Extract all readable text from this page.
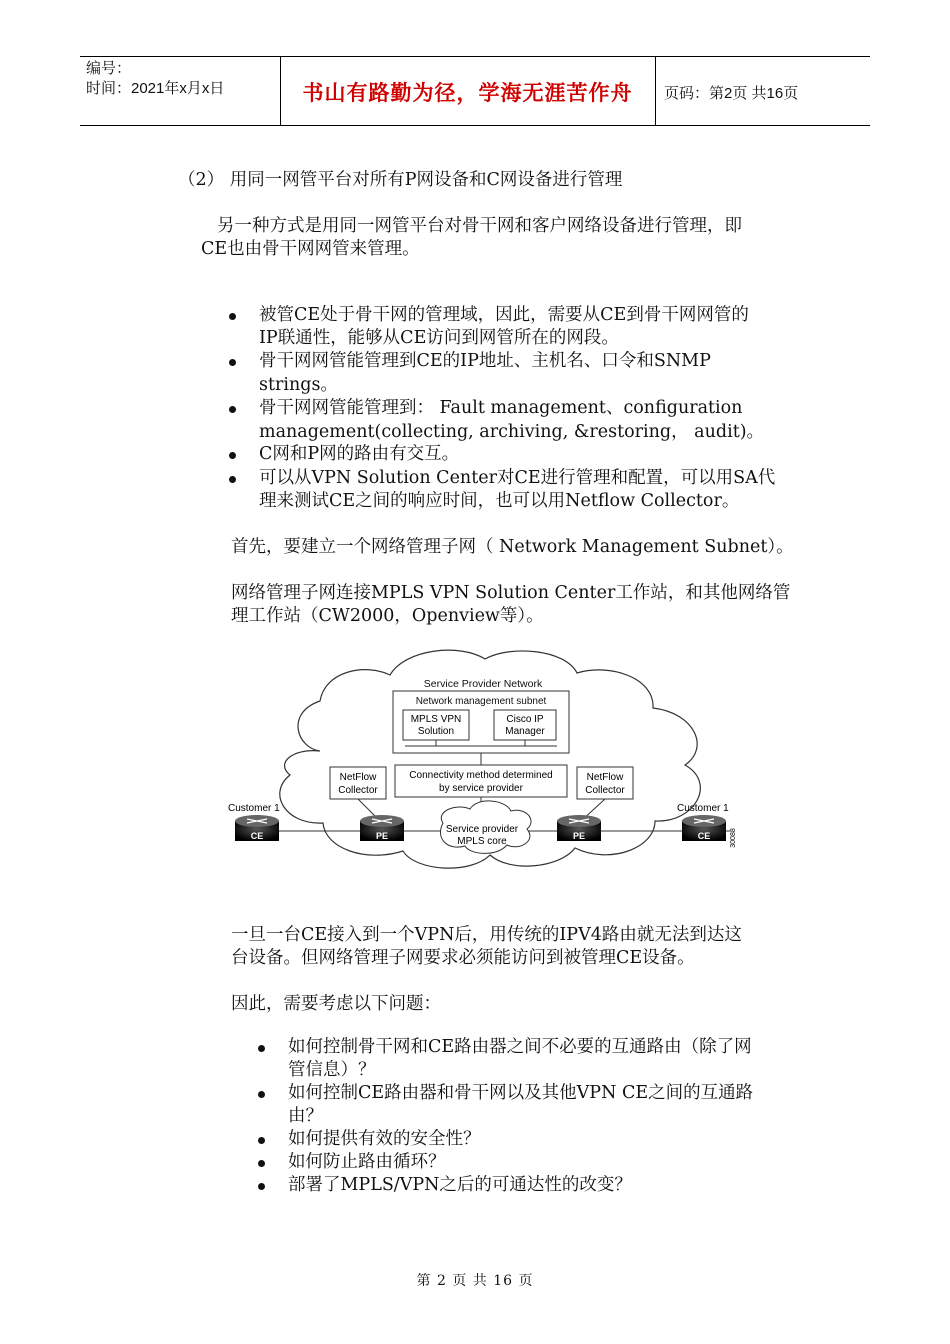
编号：
时间：2021年x月x日	书山有路勤为径，学海无涯苦作舟	页码：第2页 共16页
（2） 用同一网管平台对所有P网设备和C网设备进行管理
另一种方式是用同一网管平台对骨干网和客户网络设备进行管理，即
CE也由骨干网网管来管理。
被管CE处于骨干网的管理域，因此，需要从CE到骨干网网管的
IP联通性，能够从CE访问到网管所在的网段。
骨干网网管能管理到CE的IP地址、主机名、口令和SNMP
strings。
骨干网网管能管理到： Fault management、configuration
management(collecting, archiving, &restoring， audit)。
C网和P网的路由有交互。
可以从VPN Solution Center对CE进行管理和配置，可以用SA代
理来测试CE之间的响应时间，也可以用Netflow Collector。
首先，要建立一个网络管理子网（ Network Management Subnet）。
网络管理子网连接MPLS VPN Solution Center工作站，和其他网络管
理工作站（CW2000，Openview等）。
Service Provider Network
Network management subnet
MPLS VPN
Solution
Cisco IP
Manager
Connectivity method determined
by service provider
NetFlow
Collector
NetFlow
Collector
Service provider
MPLS core
Customer 1	Customer 1
30088
CE	PE	PE	CE
一旦一台CE接入到一个VPN后，用传统的IPV4路由就无法到达这
台设备。但网络管理子网要求必须能访问到被管理CE设备。
因此，需要考虑以下问题：
如何控制骨干网和CE路由器之间不必要的互通路由（除了网
管信息）？
如何控制CE路由器和骨干网以及其他VPN CE之间的互通路
由？
如何提供有效的安全性？
如何防止路由循环？
部署了MPLS/VPN之后的可通达性的改变？
第 2 页 共 16 页
